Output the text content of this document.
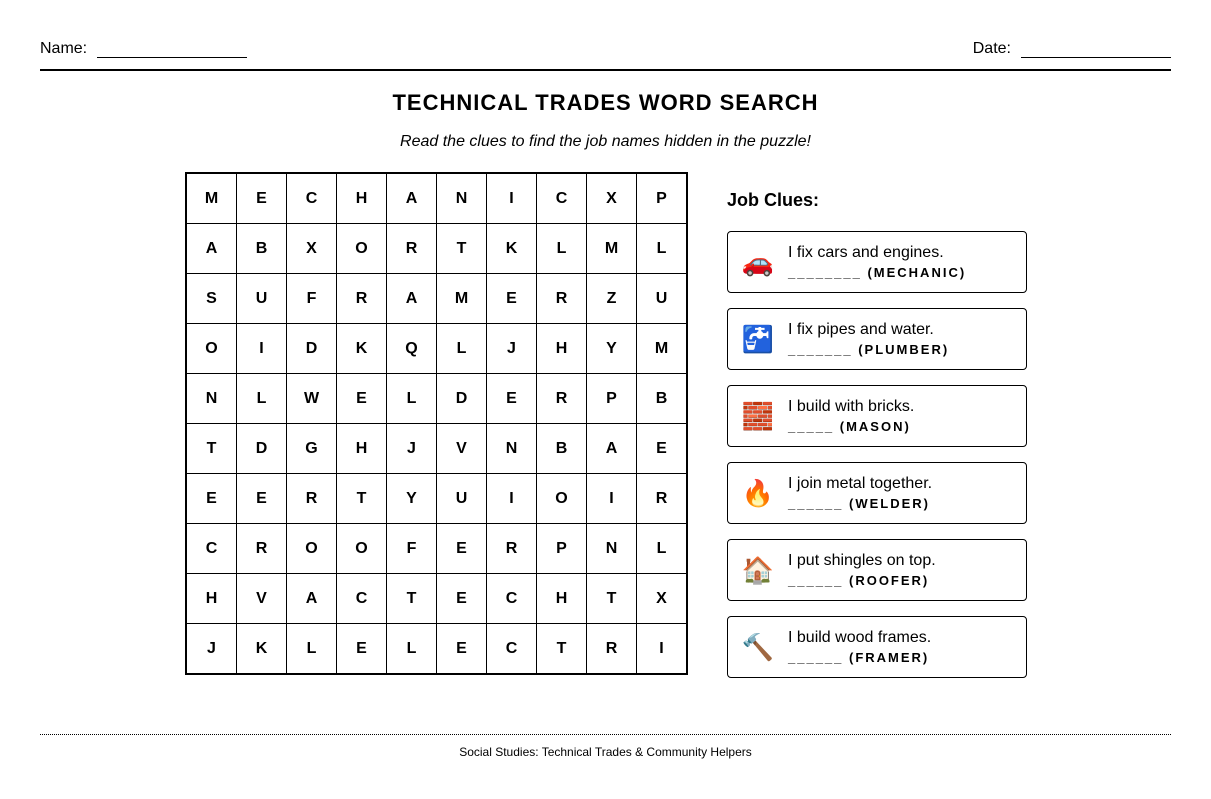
Name:	Date:
TECHNICAL TRADES WORD SEARCH
Read the clues to find the job names hidden in the puzzle!
M	E	C	H	A	N	I	C	X	P
A	B	X	O	R	T	K	L	M	L
S	U	F	R	A	M	E	R	Z	U
O	I	D	K	Q	L	J	H	Y	M
N	L	W	E	L	D	E	R	P	B
T	D	G	H	J	V	N	B	A	E
E	E	R	T	Y	U	I	O	I	R
C	R	O	O	F	E	R	P	N	L
H	V	A	C	T	E	C	H	T	X
J	K	L	E	L	E	C	T	R	I
Job Clues:
🚗 I fix cars and engines.
________ (MECHANIC)
🚰 I fix pipes and water.
_______ (PLUMBER)
🧱 I build with bricks.
_____ (MASON)
🔥 I join metal together.
______ (WELDER)
🏠 I put shingles on top.
______ (ROOFER)
🔨 I build wood frames.
______ (FRAMER)
Social Studies: Technical Trades & Community Helpers
